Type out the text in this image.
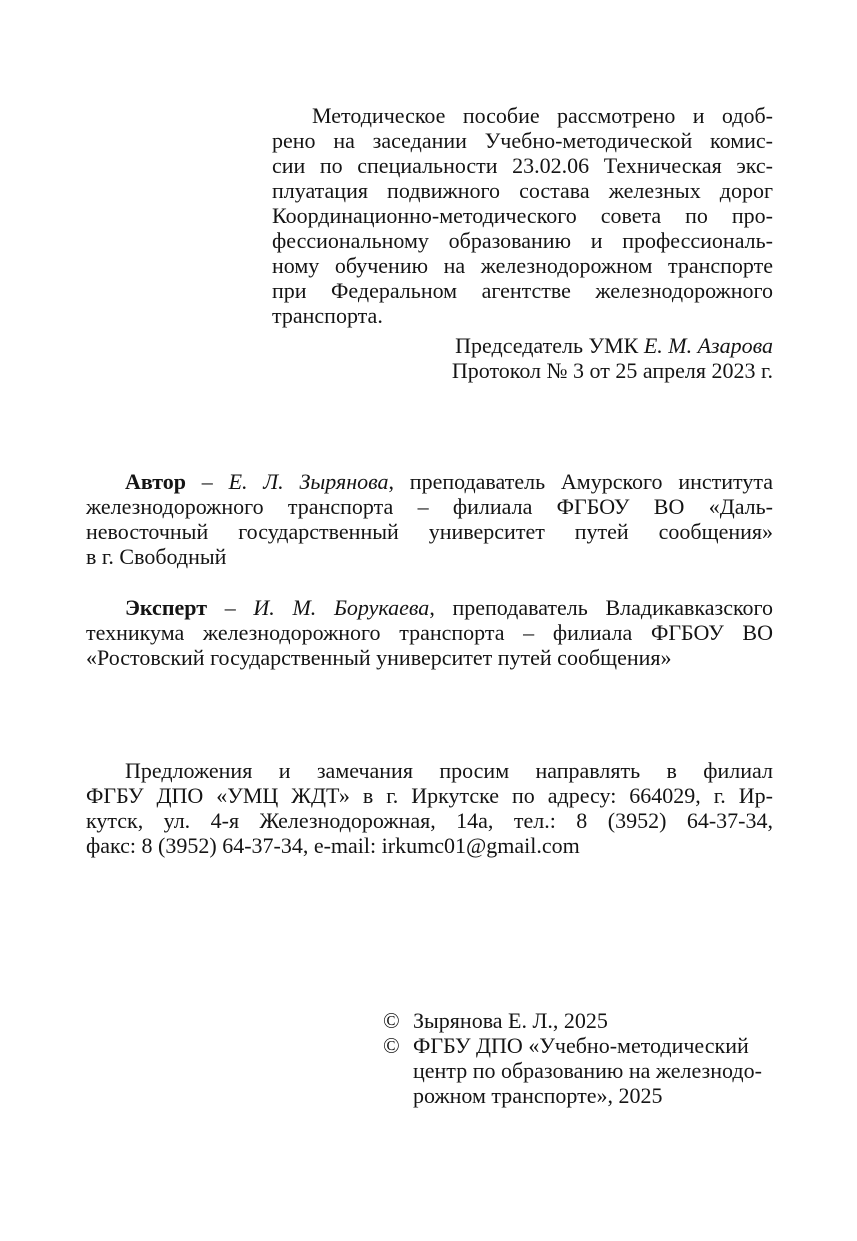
Методическое пособие рассмотрено и одоб-
рено на заседании Учебно-методической комис-
сии по специальности 23.02.06 Техническая экс-
плуатация подвижного состава железных дорог
Координационно-методического совета по про-
фессиональному образованию и профессиональ-
ному обучению на железнодорожном транспорте
при Федеральном агентстве железнодорожного
транспорта.
Председатель УМК Е. М. Азарова
Протокол № 3 от 25 апреля 2023 г.
Автор – Е. Л. Зырянова, преподаватель Амурского института
железнодорожного транспорта – филиала ФГБОУ ВО «Даль-
невосточный государственный университет путей сообщения»
в г. Свободный
Эксперт – И. М. Борукаева, преподаватель Владикавказского
техникума железнодорожного транспорта – филиала ФГБОУ ВО
«Ростовский государственный университет путей сообщения»
Предложения и замечания просим направлять в филиал
ФГБУ ДПО «УМЦ ЖДТ» в г. Иркутске по адресу: 664029, г. Ир-
кутск, ул. 4-я Железнодорожная, 14а, тел.: 8 (3952) 64-37-34,
факс: 8 (3952) 64-37-34, e-mail: irkumc01@gmail.com
© Зырянова Е. Л., 2025
© ФГБУ ДПО «Учебно-методический
центр по образованию на железнодо-
рожном транспорте», 2025
